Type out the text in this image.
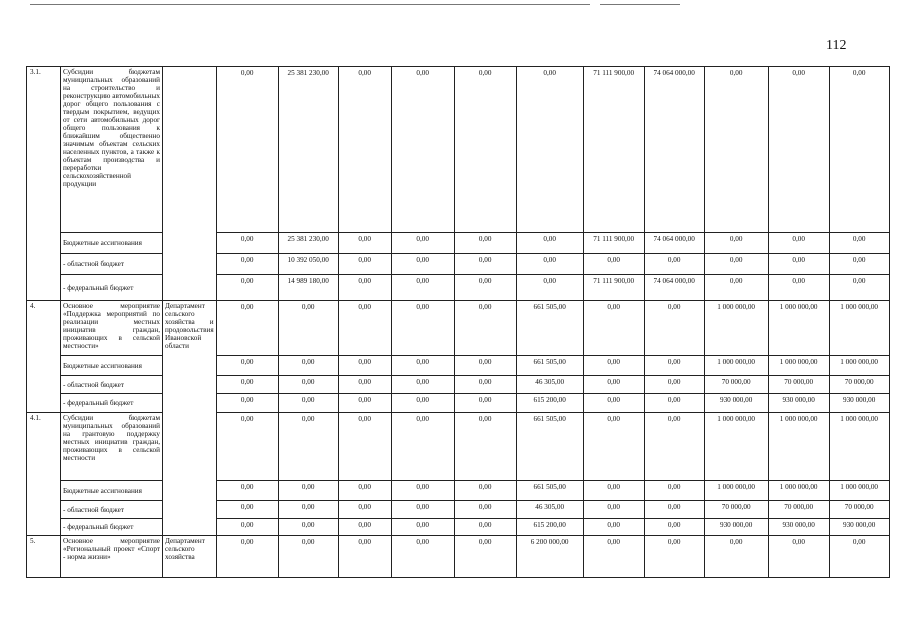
112
3.1.	Субсидии бюджетам муниципальных образований на строительство и реконструкцию автомобильных дорог общего пользования с твердым покрытием, ведущих от сети автомобильных дорог общего пользования к ближайшим общественно значимым объектам сельских населенных пунктов, а также к объектам производства и переработки сельскохозяйственной продукции		0,00	25 381 230,00	0,00	0,00	0,00	0,00	71 111 900,00	74 064 000,00	0,00	0,00	0,00
	Бюджетные ассигнования		0,00	25 381 230,00	0,00	0,00	0,00	0,00	71 111 900,00	74 064 000,00	0,00	0,00	0,00
	- областной бюджет		0,00	10 392 050,00	0,00	0,00	0,00	0,00	0,00	0,00	0,00	0,00	0,00
	- федеральный бюджет		0,00	14 989 180,00	0,00	0,00	0,00	0,00	71 111 900,00	74 064 000,00	0,00	0,00	0,00
4.	Основное мероприятие «Поддержка мероприятий по реализации местных инициатив граждан, проживающих в сельской местности»	Департамент сельского хозяйства и продовольствия Ивановской области	0,00	0,00	0,00	0,00	0,00	661 505,00	0,00	0,00	1 000 000,00	1 000 000,00	1 000 000,00
	Бюджетные ассигнования		0,00	0,00	0,00	0,00	0,00	661 505,00	0,00	0,00	1 000 000,00	1 000 000,00	1 000 000,00
	- областной бюджет		0,00	0,00	0,00	0,00	0,00	46 305,00	0,00	0,00	70 000,00	70 000,00	70 000,00
	- федеральный бюджет		0,00	0,00	0,00	0,00	0,00	615 200,00	0,00	0,00	930 000,00	930 000,00	930 000,00
4.1.	Субсидии бюджетам муниципальных образований на грантовую поддержку местных инициатив граждан, проживающих в сельской местности		0,00	0,00	0,00	0,00	0,00	661 505,00	0,00	0,00	1 000 000,00	1 000 000,00	1 000 000,00
	Бюджетные ассигнования		0,00	0,00	0,00	0,00	0,00	661 505,00	0,00	0,00	1 000 000,00	1 000 000,00	1 000 000,00
	- областной бюджет		0,00	0,00	0,00	0,00	0,00	46 305,00	0,00	0,00	70 000,00	70 000,00	70 000,00
	- федеральный бюджет		0,00	0,00	0,00	0,00	0,00	615 200,00	0,00	0,00	930 000,00	930 000,00	930 000,00
5.	Основное мероприятие «Региональный проект «Спорт - норма жизни»	Департамент сельского хозяйства	0,00	0,00	0,00	0,00	0,00	6 200 000,00	0,00	0,00	0,00	0,00	0,00
